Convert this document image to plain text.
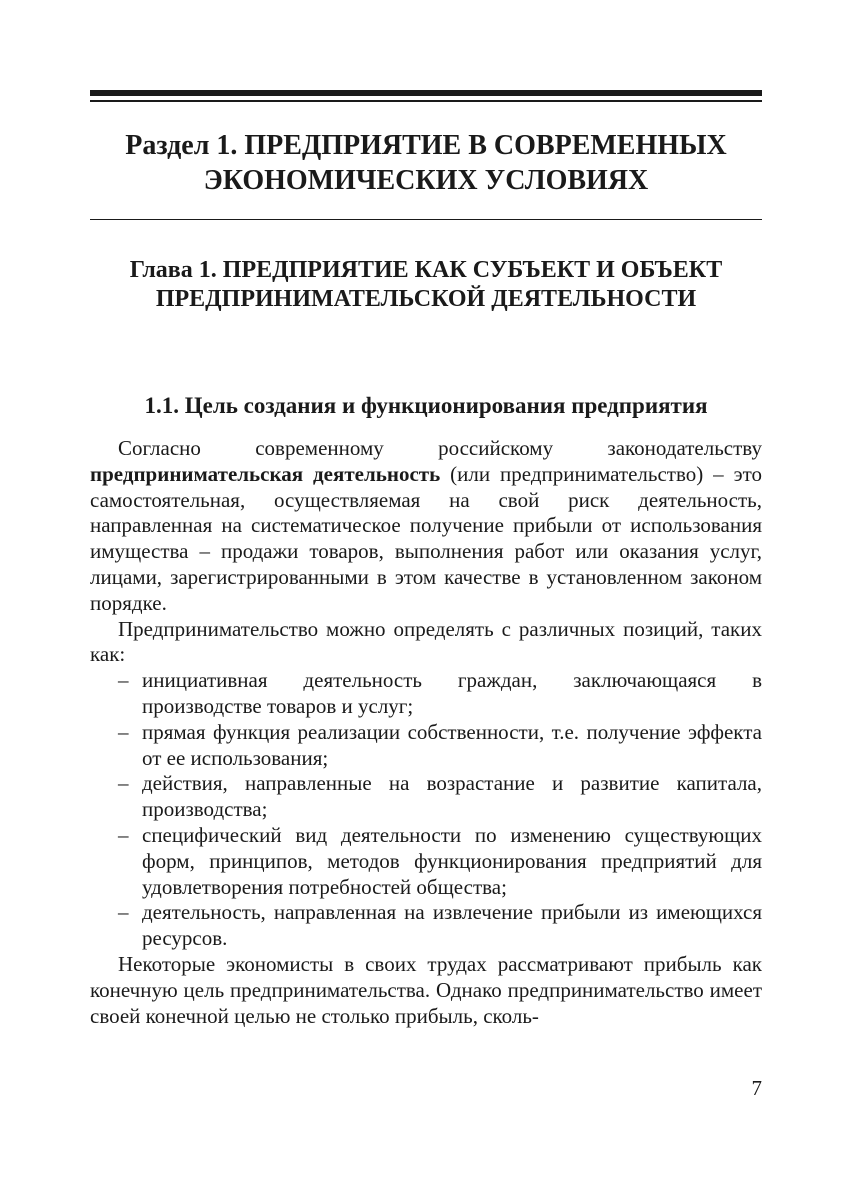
Раздел 1. ПРЕДПРИЯТИЕ В СОВРЕМЕННЫХ
ЭКОНОМИЧЕСКИХ УСЛОВИЯХ
Глава 1. ПРЕДПРИЯТИЕ КАК СУБЪЕКТ И ОБЪЕКТ
ПРЕДПРИНИМАТЕЛЬСКОЙ ДЕЯТЕЛЬНОСТИ
1.1. Цель создания и функционирования предприятия

Согласно современному российскому законодательству предпринимательская деятельность (или предпринимательство) – это самостоятельная, осуществляемая на свой риск деятельность, направленная на систематическое получение прибыли от использования имущества – продажи товаров, выполнения работ или оказания услуг, лицами, зарегистрированными в этом качестве в установленном законом порядке.

Предпринимательство можно определять с различных позиций, таких как:

– инициативная деятельность граждан, заключающаяся в производстве товаров и услуг;
– прямая функция реализации собственности, т.е. получение эффекта от ее использования;
– действия, направленные на возрастание и развитие капитала, производства;
– специфический вид деятельности по изменению существующих форм, принципов, методов функционирования предприятий для удовлетворения потребностей общества;
– деятельность, направленная на извлечение прибыли из имеющихся ресурсов.

Некоторые экономисты в своих трудах рассматривают прибыль как конечную цель предпринимательства. Однако предпринимательство имеет своей конечной целью не столько прибыль, сколь-

7
